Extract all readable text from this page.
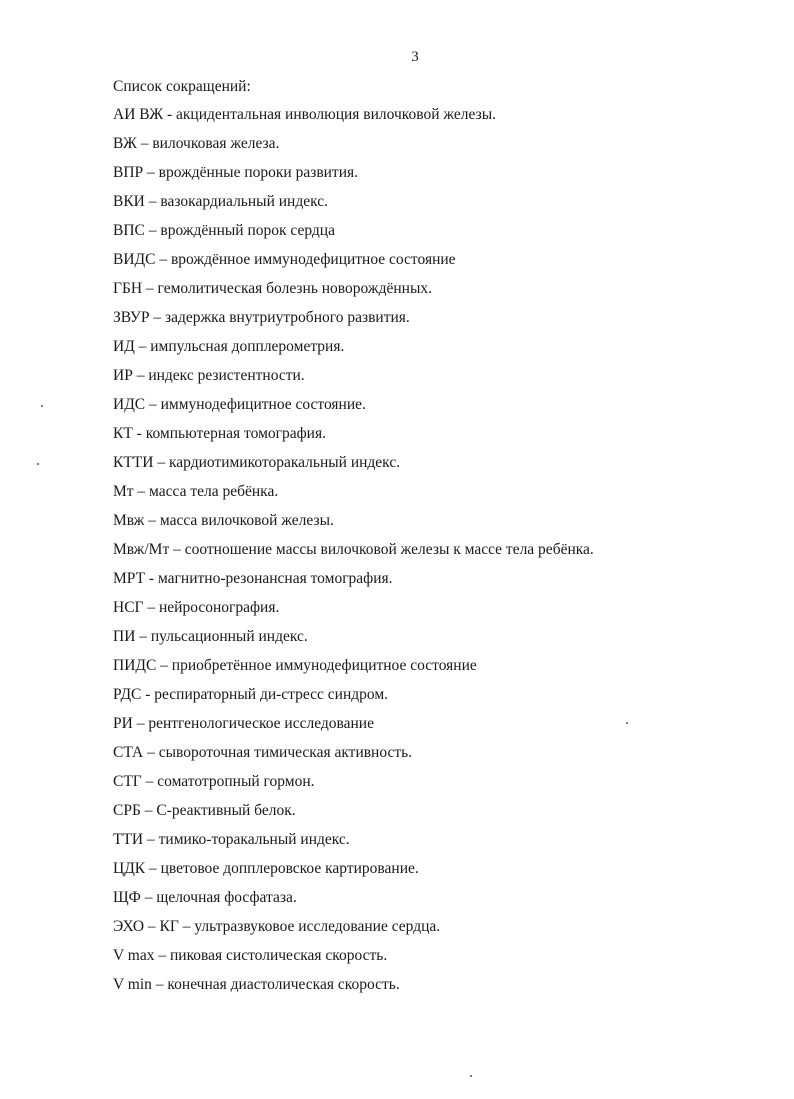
3
Список сокращений:
АИ ВЖ - акцидентальная инволюция вилочковой железы.
ВЖ – вилочковая железа.
ВПР – врождённые пороки развития.
ВКИ – вазокардиальный индекс.
ВПС – врождённый порок сердца
ВИДС – врождённое иммунодефицитное состояние
ГБН – гемолитическая болезнь новорождённых.
ЗВУР – задержка внутриутробного развития.
ИД – импульсная допплерометрия.
ИР – индекс резистентности.
ИДС – иммунодефицитное состояние.
КТ - компьютерная томография.
КТТИ – кардиотимикоторакальный индекс.
Мт – масса тела ребёнка.
Мвж – масса вилочковой железы.
Мвж/Мт – соотношение массы вилочковой железы к массе тела ребёнка.
МРТ - магнитно-резонансная томография.
НСГ – нейросонография.
ПИ – пульсационный индекс.
ПИДС – приобретённое иммунодефицитное состояние
РДС - респираторный ди-стресс синдром.
РИ – рентгенологическое исследование
СТА – сывороточная тимическая активность.
СТГ – соматотропный гормон.
СРБ – С-реактивный белок.
ТТИ – тимико-торакальный индекс.
ЦДК – цветовое допплеровское картирование.
ЩФ – щелочная фосфатаза.
ЭХО – КГ – ультразвуковое исследование сердца.
V max – пиковая систолическая скорость.
V min – конечная диастолическая скорость.
